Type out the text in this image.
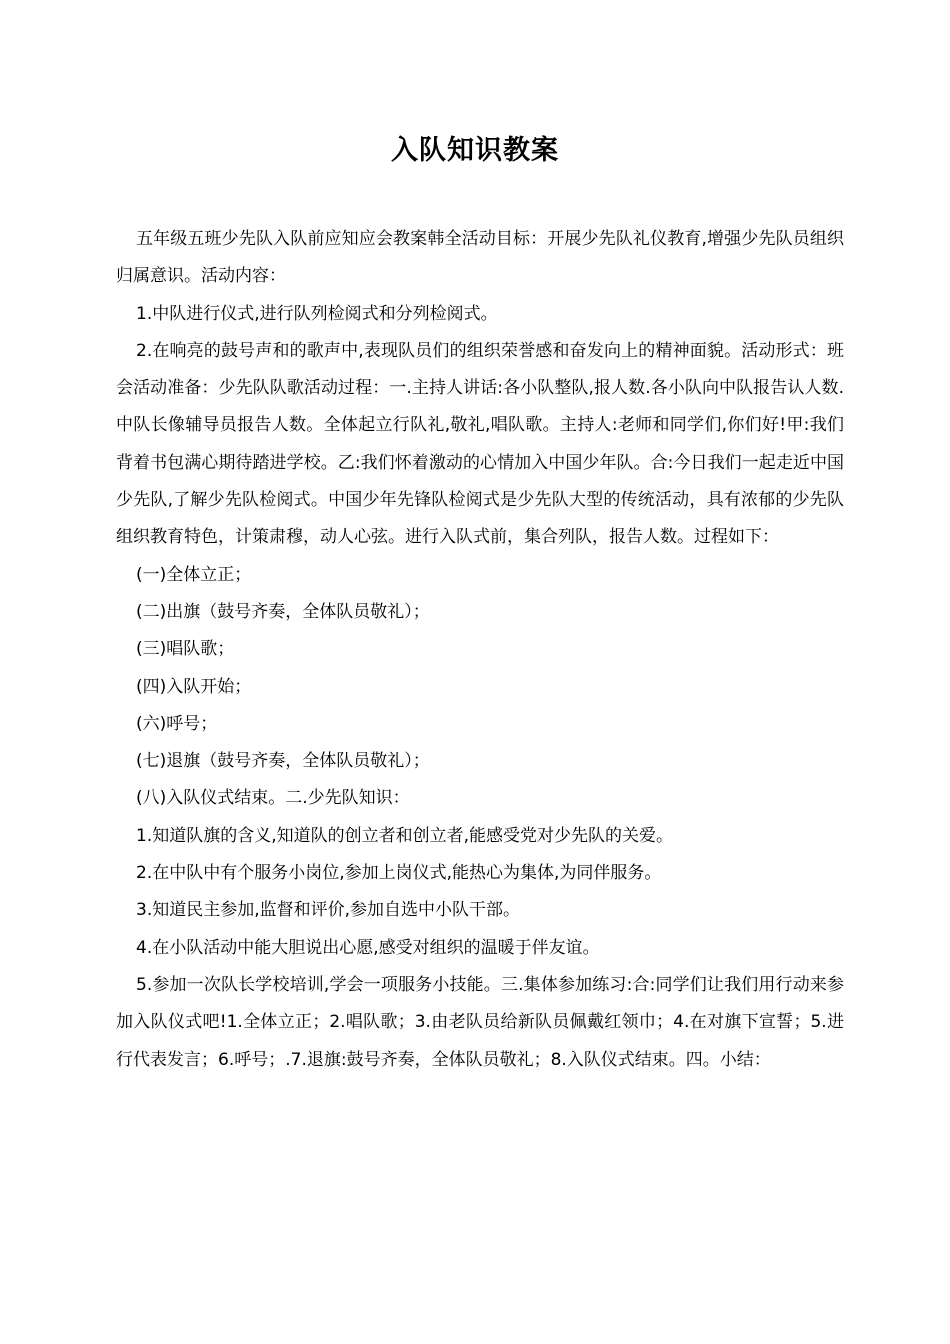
入队知识教案

五年级五班少先队入队前应知应会教案韩全活动目标：开展少先队礼仪教育,增强少先队员组织归属意识。活动内容：

1.中队进行仪式,进行队列检阅式和分列检阅式。

2.在响亮的鼓号声和的歌声中,表现队员们的组织荣誉感和奋发向上的精神面貌。活动形式：班会活动准备：少先队队歌活动过程：一.主持人讲话:各小队整队,报人数.各小队向中队报告认人数.中队长像辅导员报告人数。全体起立行队礼,敬礼,唱队歌。主持人:老师和同学们,你们好!甲:我们背着书包满心期待踏进学校。乙:我们怀着激动的心情加入中国少年队。合:今日我们一起走近中国少先队,了解少先队检阅式。中国少年先锋队检阅式是少先队大型的传统活动，具有浓郁的少先队组织教育特色，计策肃穆，动人心弦。进行入队式前，集合列队，报告人数。过程如下：

(一)全体立正；

(二)出旗（鼓号齐奏，全体队员敬礼）；

(三)唱队歌；

(四)入队开始；

(六)呼号；

(七)退旗（鼓号齐奏，全体队员敬礼）；

(八)入队仪式结束。二.少先队知识：

1.知道队旗的含义,知道队的创立者和创立者,能感受党对少先队的关爱。

2.在中队中有个服务小岗位,参加上岗仪式,能热心为集体,为同伴服务。

3.知道民主参加,监督和评价,参加自选中小队干部。

4.在小队活动中能大胆说出心愿,感受对组织的温暖于伴友谊。

5.参加一次队长学校培训,学会一项服务小技能。三.集体参加练习:合:同学们让我们用行动来参加入队仪式吧!1.全体立正；2.唱队歌；3.由老队员给新队员佩戴红领巾；4.在对旗下宣誓；5.进行代表发言；6.呼号；.7.退旗:鼓号齐奏，全体队员敬礼；8.入队仪式结束。四。小结：
